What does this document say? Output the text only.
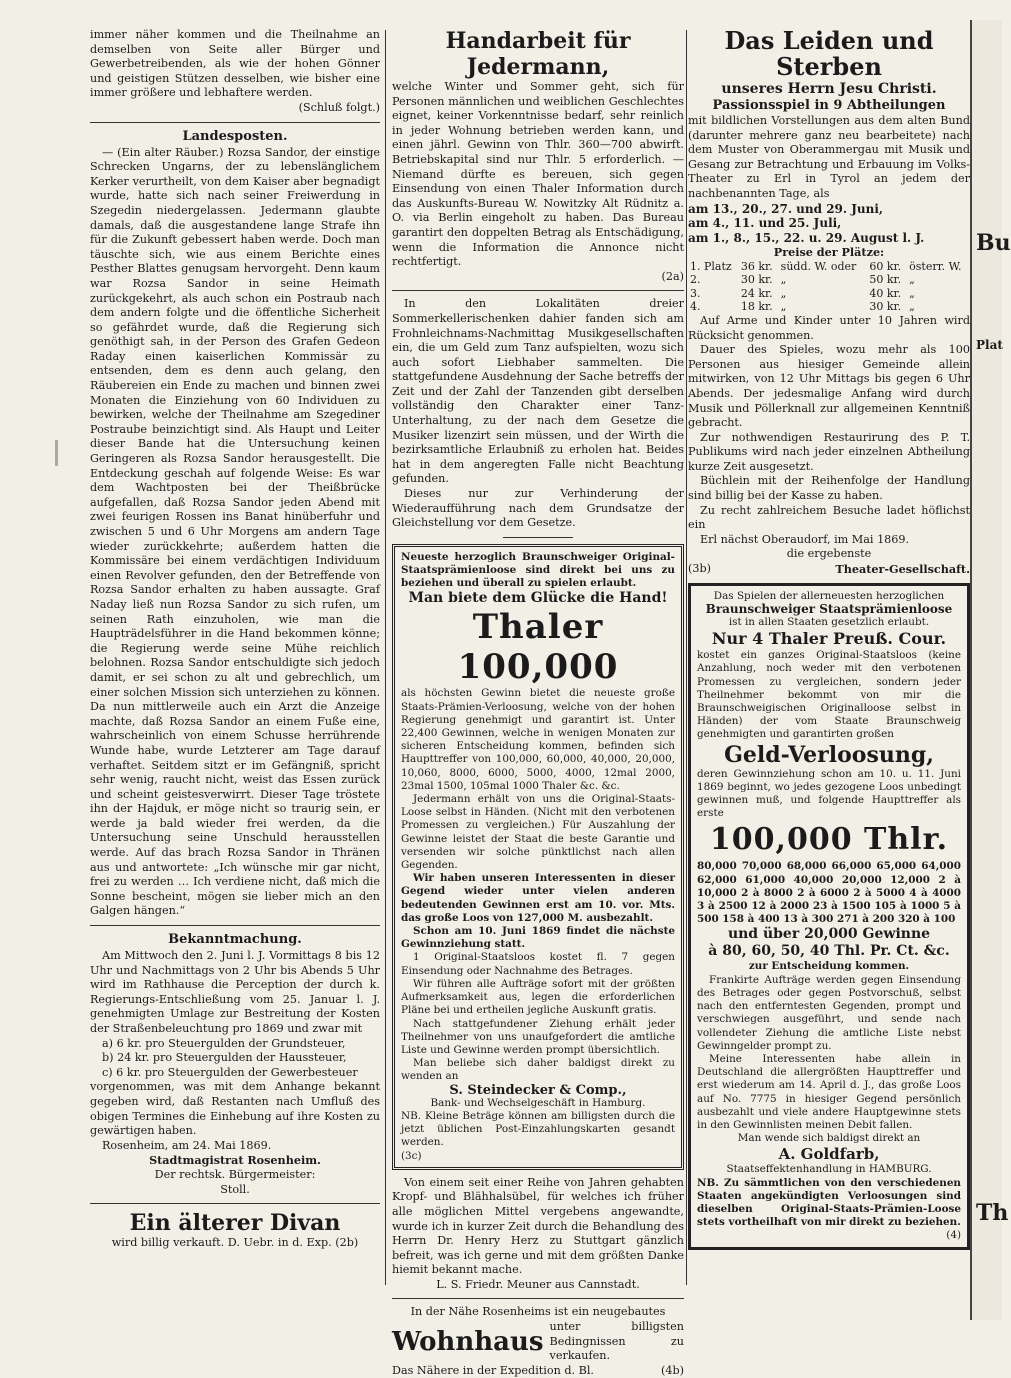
immer näher kommen und die Theilnahme an demselben von Seite aller Bürger und Gewerbetreibenden, als wie der hohen Gönner und geistigen Stützen desselben, wie bisher eine immer größere und lebhaftere werden.

(Schluß folgt.)

Landesposten.

— (Ein alter Räuber.) Rozsa Sandor, der einstige Schrecken Ungarns, der zu lebenslänglichem Kerker verurtheilt, von dem Kaiser aber begnadigt wurde, hatte sich nach seiner Freiwerdung in Szegedin niedergelassen. Jedermann glaubte damals, daß die ausgestandene lange Strafe ihn für die Zukunft gebessert haben werde. Doch man täuschte sich, wie aus einem Berichte eines Pesther Blattes genugsam hervorgeht. Denn kaum war Rozsa Sandor in seine Heimath zurückgekehrt, als auch schon ein Postraub nach dem andern folgte und die öffentliche Sicherheit so gefährdet wurde, daß die Regierung sich genöthigt sah, in der Person des Grafen Gedeon Raday einen kaiserlichen Kommissär zu entsenden, dem es denn auch gelang, den Räubereien ein Ende zu machen und binnen zwei Monaten die Einziehung von 60 Individuen zu bewirken, welche der Theilnahme am Szegediner Postraube beinzichtigt sind. Als Haupt und Leiter dieser Bande hat die Untersuchung keinen Geringeren als Rozsa Sandor herausgestellt. Die Entdeckung geschah auf folgende Weise: Es war dem Wachtposten bei der Theißbrücke aufgefallen, daß Rozsa Sandor jeden Abend mit zwei feurigen Rossen ins Banat hinüberfuhr und zwischen 5 und 6 Uhr Morgens am andern Tage wieder zurückkehrte; außerdem hatten die Kommissäre bei einem verdächtigen Individuum einen Revolver gefunden, den der Betreffende von Rozsa Sandor erhalten zu haben aussagte. Graf Naday ließ nun Rozsa Sandor zu sich rufen, um seinen Rath einzuholen, wie man die Haupträdelsführer in die Hand bekommen könne; die Regierung werde seine Mühe reichlich belohnen. Rozsa Sandor entschuldigte sich jedoch damit, er sei schon zu alt und gebrechlich, um einer solchen Mission sich unterziehen zu können. Da nun mittlerweile auch ein Arzt die Anzeige machte, daß Rozsa Sandor an einem Fuße eine, wahrscheinlich von einem Schusse herrührende Wunde habe, wurde Letzterer am Tage darauf verhaftet. Seitdem sitzt er im Gefängniß, spricht sehr wenig, raucht nicht, weist das Essen zurück und scheint geistesverwirrt. Dieser Tage tröstete ihn der Hajduk, er möge nicht so traurig sein, er werde ja bald wieder frei werden, da die Untersuchung seine Unschuld herausstellen werde. Auf das brach Rozsa Sandor in Thränen aus und antwortete: „Ich wünsche mir gar nicht, frei zu werden … Ich verdiene nicht, daß mich die Sonne bescheint, mögen sie lieber mich an den Galgen hängen.“

Bekanntmachung.

Am Mittwoch den 2. Juni l. J. Vormittags 8 bis 12 Uhr und Nachmittags von 2 Uhr bis Abends 5 Uhr wird im Rathhause die Perception der durch k. Regierungs-Entschließung vom 25. Januar l. J. genehmigten Umlage zur Bestreitung der Kosten der Straßenbeleuchtung pro 1869 und zwar mit

a) 6 kr. pro Steuergulden der Grundsteuer,

b) 24 kr. pro Steuergulden der Haussteuer,

c) 6 kr. pro Steuergulden der Gewerbesteuer

vorgenommen, was mit dem Anhange bekannt gegeben wird, daß Restanten nach Umfluß des obigen Termines die Einhebung auf ihre Kosten zu gewärtigen haben.

Rosenheim, am 24. Mai 1869.

Stadtmagistrat Rosenheim.

Der rechtsk. Bürgermeister:

Stoll.

Ein älterer Divan

wird billig verkauft. D. Uebr. in d. Exp. (2b)

Handarbeit für Jedermann,

welche Winter und Sommer geht, sich für Personen männlichen und weiblichen Geschlechtes eignet, keiner Vorkenntnisse bedarf, sehr reinlich in jeder Wohnung betrieben werden kann, und einen jährl. Gewinn von Thlr. 360—700 abwirft. Betriebskapital sind nur Thlr. 5 erforderlich. — Niemand dürfte es bereuen, sich gegen Einsendung von einen Thaler Information durch das Auskunfts-Bureau W. Nowitzky Alt Rüdnitz a. O. via Berlin eingeholt zu haben. Das Bureau garantirt den doppelten Betrag als Entschädigung, wenn die Information die Annonce nicht rechtfertigt.

(2a)

In den Lokalitäten dreier Sommerkellerischenken dahier fanden sich am Frohnleichnams-Nachmittag Musikgesellschaften ein, die um Geld zum Tanz aufspielten, wozu sich auch sofort Liebhaber sammelten. Die stattgefundene Ausdehnung der Sache betreffs der Zeit und der Zahl der Tanzenden gibt derselben vollständig den Charakter einer Tanz-Unterhaltung, zu der nach dem Gesetze die Musiker lizenzirt sein müssen, und der Wirth die bezirksamtliche Erlaubniß zu erholen hat. Beides hat in dem angeregten Falle nicht Beachtung gefunden.

Dieses nur zur Verhinderung der Wiederaufführung nach dem Grundsatze der Gleichstellung vor dem Gesetze.

Neueste herzoglich Braunschweiger Original-Staatsprämienloose sind direkt bei uns zu beziehen und überall zu spielen erlaubt.

Man biete dem Glücke die Hand!

Thaler 100,000

als höchsten Gewinn bietet die neueste große Staats-Prämien-Verloosung, welche von der hohen Regierung genehmigt und garantirt ist. Unter 22,400 Gewinnen, welche in wenigen Monaten zur sicheren Entscheidung kommen, befinden sich Haupttreffer von 100,000, 60,000, 40,000, 20,000, 10,060, 8000, 6000, 5000, 4000, 12mal 2000, 23mal 1500, 105mal 1000 Thaler &c. &c.

Jedermann erhält von uns die Original-Staats-Loose selbst in Händen. (Nicht mit den verbotenen Promessen zu vergleichen.) Für Auszahlung der Gewinne leistet der Staat die beste Garantie und versenden wir solche pünktlichst nach allen Gegenden.

Wir haben unseren Interessenten in dieser Gegend wieder unter vielen anderen bedeutenden Gewinnen erst am 10. vor. Mts. das große Loos von 127,000 M. ausbezahlt.

Schon am 10. Juni 1869 findet die nächste Gewinnziehung statt.

1 Original-Staatsloos kostet fl. 7 gegen Einsendung oder Nachnahme des Betrages.

Wir führen alle Aufträge sofort mit der größten Aufmerksamkeit aus, legen die erforderlichen Pläne bei und ertheilen jegliche Auskunft gratis.

Nach stattgefundener Ziehung erhält jeder Theilnehmer von uns unaufgefordert die amtliche Liste und Gewinne werden prompt übersichtlich.

Man beliebe sich daher baldigst direkt zu wenden an

S. Steindecker & Comp.,

Bank- und Wechselgeschäft in Hamburg.

NB. Kleine Beträge können am billigsten durch die jetzt üblichen Post-Einzahlungskarten gesandt werden.

(3c)

Von einem seit einer Reihe von Jahren gehabten Kropf- und Blähhalsübel, für welches ich früher alle möglichen Mittel vergebens angewandte, wurde ich in kurzer Zeit durch die Behandlung des Herrn Dr. Henry Herz zu Stuttgart gänzlich befreit, was ich gerne und mit dem größten Danke hiemit bekannt mache.

L. S. Friedr. Meuner aus Cannstadt.

In der Nähe Rosenheims ist ein neugebautes

Wohnhaus

unter billigsten Bedingnissen zu verkaufen.

Das Nähere in der Expedition d. Bl.	(4b)

Das Leiden und Sterben

unseres Herrn Jesu Christi.

Passionsspiel in 9 Abtheilungen

mit bildlichen Vorstellungen aus dem alten Bund (darunter mehrere ganz neu bearbeitete) nach dem Muster von Oberammergau mit Musik und Gesang zur Betrachtung und Erbauung im Volks-Theater zu Erl in Tyrol an jedem der nachbenannten Tage, als

am 13., 20., 27. und 29. Juni,

am 4., 11. und 25. Juli,

am 1., 8., 15., 22. u. 29. August l. J.

Preise der Plätze:

1. Platz	36 kr.	südd. W. oder	60 kr.	österr. W.
2.	30 kr.	„	50 kr.	„
3.	24 kr.	„	40 kr.	„
4.	18 kr.	„	30 kr.	„

Auf Arme und Kinder unter 10 Jahren wird Rücksicht genommen.

Dauer des Spieles, wozu mehr als 100 Personen aus hiesiger Gemeinde allein mitwirken, von 12 Uhr Mittags bis gegen 6 Uhr Abends. Der jedesmalige Anfang wird durch Musik und Pöllerknall zur allgemeinen Kenntniß gebracht.

Zur nothwendigen Restaurirung des P. T. Publikums wird nach jeder einzelnen Abtheilung kurze Zeit ausgesetzt.

Büchlein mit der Reihenfolge der Handlung sind billig bei der Kasse zu haben.

Zu recht zahlreichem Besuche ladet höflichst ein

Erl nächst Oberaudorf, im Mai 1869.

die ergebenste

(3b)	Theater-Gesellschaft.

Das Spielen der allerneuesten herzoglichen

Braunschweiger Staatsprämienloose

ist in allen Staaten gesetzlich erlaubt.

Nur 4 Thaler Preuß. Cour.

kostet ein ganzes Original-Staatsloos (keine Anzahlung, noch weder mit den verbotenen Promessen zu vergleichen, sondern jeder Theilnehmer bekommt von mir die Braunschweigischen Originalloose selbst in Händen) der vom Staate Braunschweig genehmigten und garantirten großen

Geld-Verloosung,

deren Gewinnziehung schon am 10. u. 11. Juni 1869 beginnt, wo jedes gezogene Loos unbedingt gewinnen muß, und folgende Haupttreffer als erste

100,000 Thlr.

80,000 70,000 68,000 66,000 65,000 64,000 62,000 61,000 40,000 20,000 12,000 2 à 10,000 2 à 8000 2 à 6000 2 à 5000 4 à 4000 3 à 2500 12 à 2000 23 à 1500 105 à 1000 5 à 500 158 à 400 13 à 300 271 à 200 320 à 100

und über 20,000 Gewinne

à 80, 60, 50, 40 Thl. Pr. Ct. &c.

zur Entscheidung kommen.

Frankirte Aufträge werden gegen Einsendung des Betrages oder gegen Postvorschuß, selbst nach den entferntesten Gegenden, prompt und verschwiegen ausgeführt, und sende nach vollendeter Ziehung die amtliche Liste nebst Gewinngelder prompt zu.

Meine Interessenten habe allein in Deutschland die allergrößten Haupttreffer und erst wiederum am 14. April d. J., das große Loos auf No. 7775 in hiesiger Gegend persönlich ausbezahlt und viele andere Hauptgewinne stets in den Gewinnlisten meinen Debit fallen.

Man wende sich baldigst direkt an

A. Goldfarb,

Staatseffektenhandlung in HAMBURG.

NB. Zu sämmtlichen von den verschiedenen Staaten angekündigten Verloosungen sind dieselben Original-Staats-Prämien-Loose stets vortheilhaft von mir direkt zu beziehen.

(4)

Bu
Plat
Th
